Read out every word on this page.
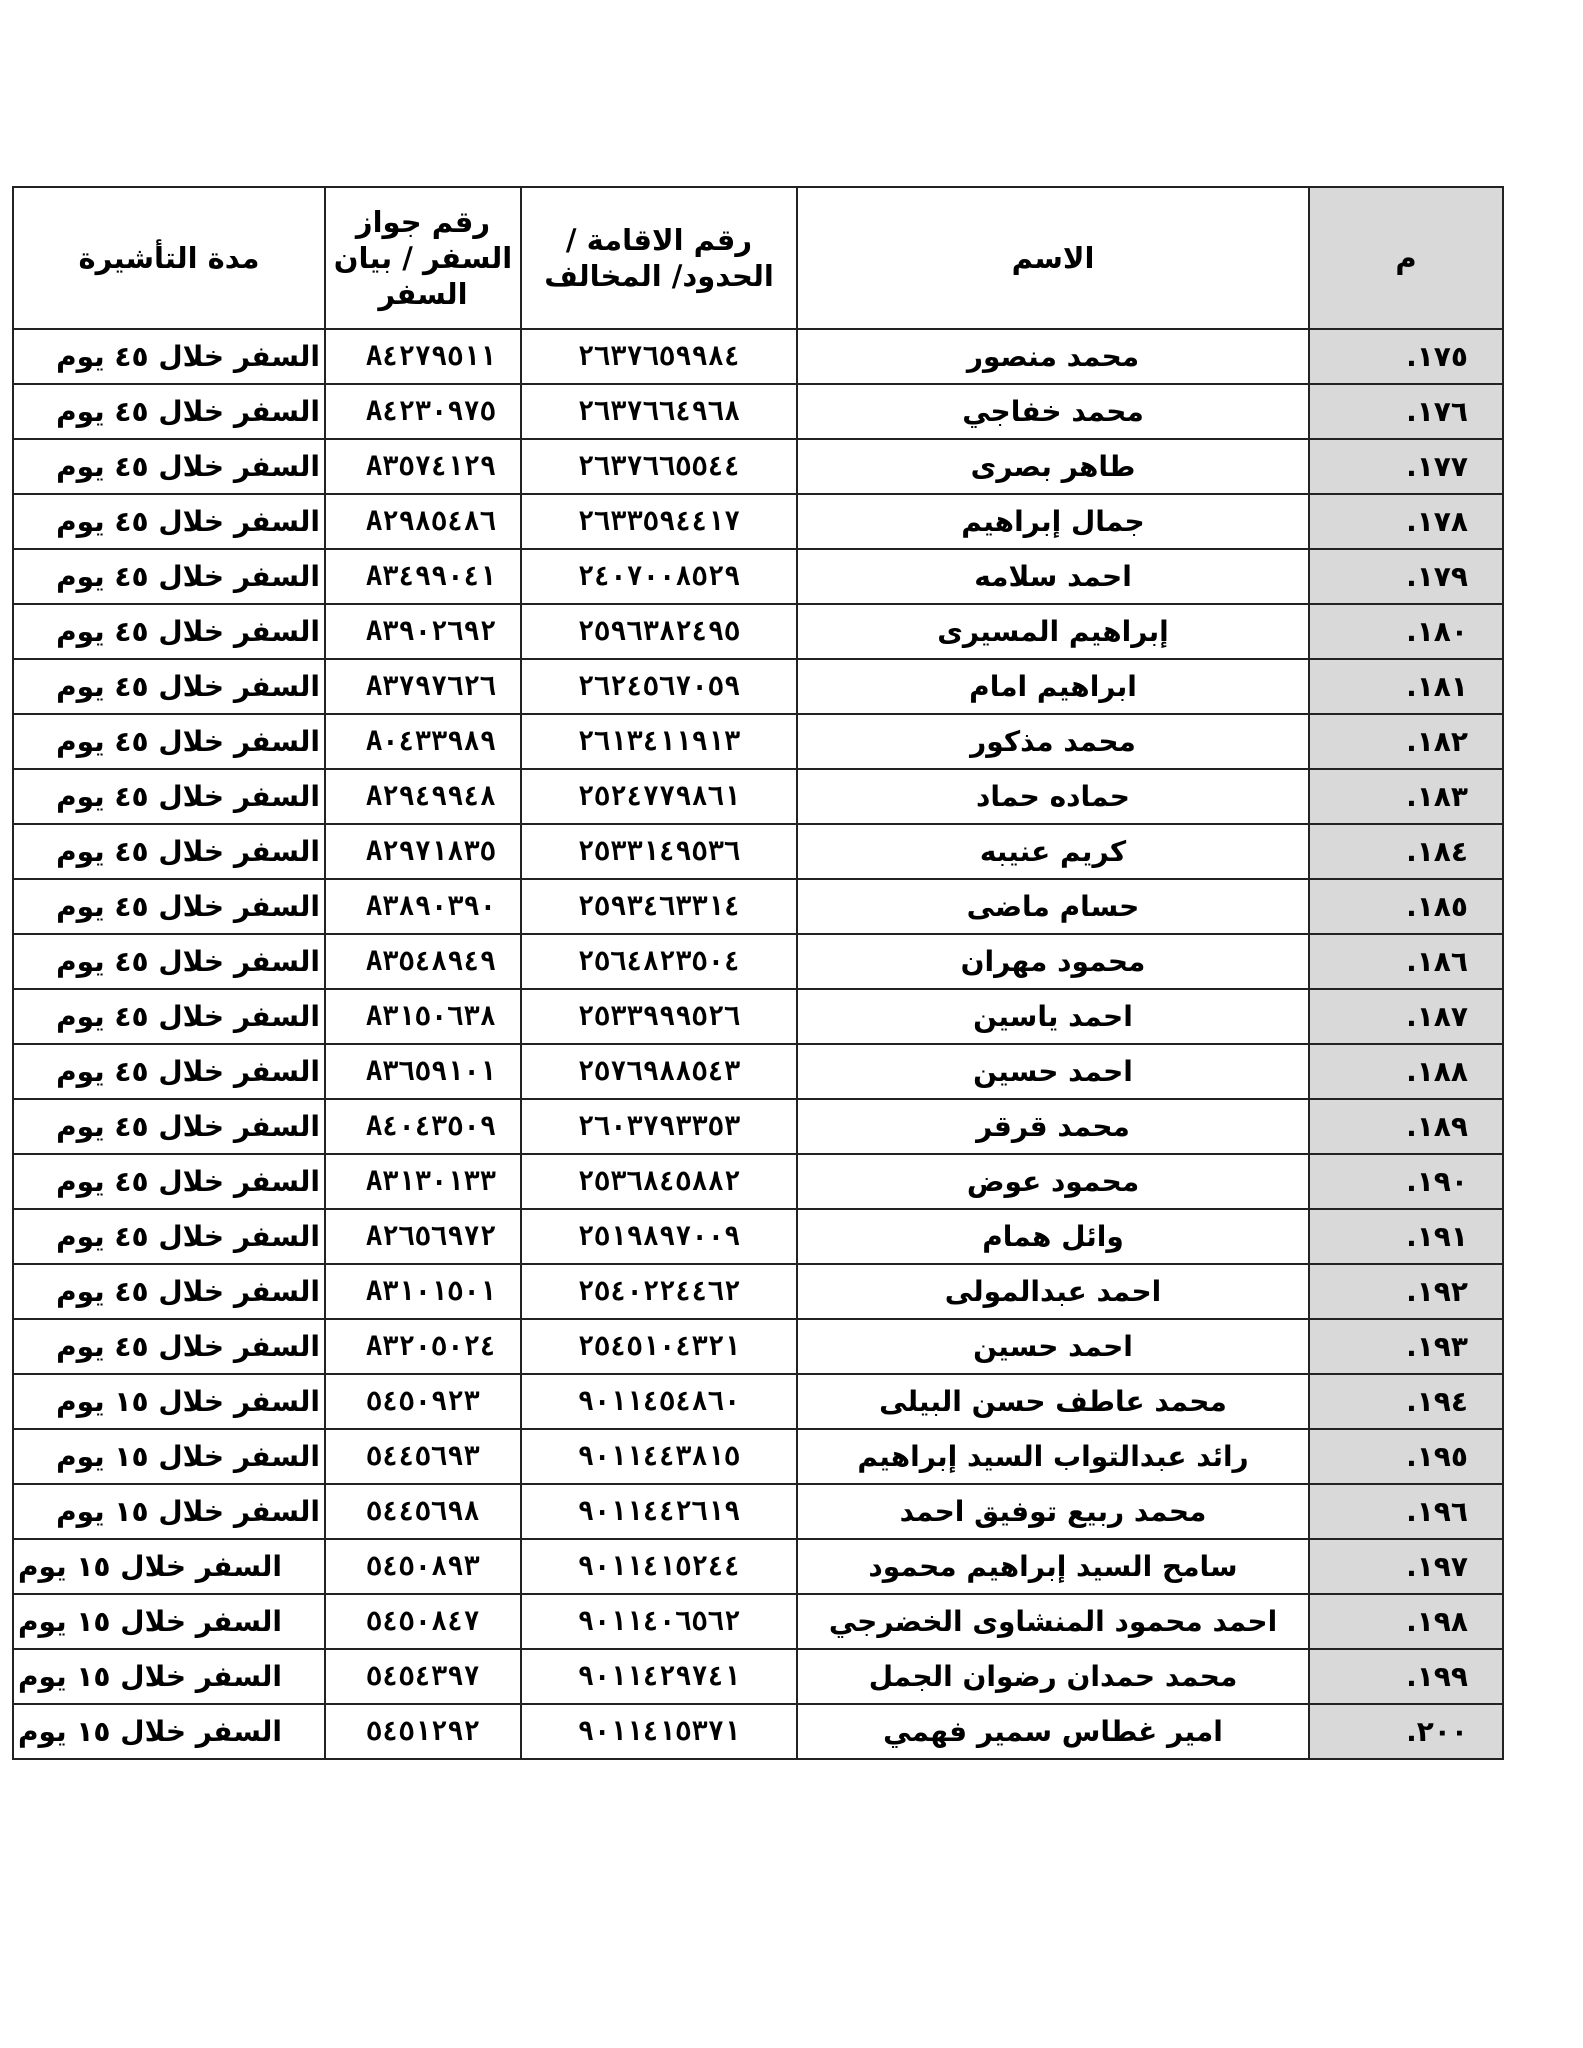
م	الاسم	رقم الاقامة / الحدود/ المخالف	رقم جواز السفر / بيان السفر	مدة التأشيرة
١٧٥.	محمد منصور	٢٦٣٧٦٥٩٩٨٤	A٤٢٧٩٥١١	السفر خلال ٤٥ يوم
١٧٦.	محمد خفاجي	٢٦٣٧٦٦٤٩٦٨	A٤٢٣٠٩٧٥	السفر خلال ٤٥ يوم
١٧٧.	طاهر بصرى	٢٦٣٧٦٦٥٥٤٤	A٣٥٧٤١٢٩	السفر خلال ٤٥ يوم
١٧٨.	جمال إبراهيم	٢٦٣٣٥٩٤٤١٧	A٢٩٨٥٤٨٦	السفر خلال ٤٥ يوم
١٧٩.	احمد سلامه	٢٤٠٧٠٠٨٥٢٩	A٣٤٩٩٠٤١	السفر خلال ٤٥ يوم
١٨٠.	إبراهيم المسيرى	٢٥٩٦٣٨٢٤٩٥	A٣٩٠٢٦٩٢	السفر خلال ٤٥ يوم
١٨١.	ابراهيم امام	٢٦٢٤٥٦٧٠٥٩	A٣٧٩٧٦٢٦	السفر خلال ٤٥ يوم
١٨٢.	محمد مذكور	٢٦١٣٤١١٩١٣	A٠٤٣٣٩٨٩	السفر خلال ٤٥ يوم
١٨٣.	حماده حماد	٢٥٢٤٧٧٩٨٦١	A٢٩٤٩٩٤٨	السفر خلال ٤٥ يوم
١٨٤.	كريم عنيبه	٢٥٣٣١٤٩٥٣٦	A٢٩٧١٨٣٥	السفر خلال ٤٥ يوم
١٨٥.	حسام ماضى	٢٥٩٣٤٦٣٣١٤	A٣٨٩٠٣٩٠	السفر خلال ٤٥ يوم
١٨٦.	محمود مهران	٢٥٦٤٨٢٣٥٠٤	A٣٥٤٨٩٤٩	السفر خلال ٤٥ يوم
١٨٧.	احمد ياسين	٢٥٣٣٩٩٩٥٢٦	A٣١٥٠٦٣٨	السفر خلال ٤٥ يوم
١٨٨.	احمد حسين	٢٥٧٦٩٨٨٥٤٣	A٣٦٥٩١٠١	السفر خلال ٤٥ يوم
١٨٩.	محمد قرقر	٢٦٠٣٧٩٣٣٥٣	A٤٠٤٣٥٠٩	السفر خلال ٤٥ يوم
١٩٠.	محمود عوض	٢٥٣٦٨٤٥٨٨٢	A٣١٣٠١٣٣	السفر خلال ٤٥ يوم
١٩١.	وائل همام	٢٥١٩٨٩٧٠٠٩	A٢٦٥٦٩٧٢	السفر خلال ٤٥ يوم
١٩٢.	احمد عبدالمولى	٢٥٤٠٢٢٤٤٦٢	A٣١٠١٥٠١	السفر خلال ٤٥ يوم
١٩٣.	احمد حسين	٢٥٤٥١٠٤٣٢١	A٣٢٠٥٠٢٤	السفر خلال ٤٥ يوم
١٩٤.	محمد عاطف حسن البيلى	٩٠١١٤٥٤٨٦٠	٥٤٥٠٩٢٣	السفر خلال ١٥ يوم
١٩٥.	رائد عبدالتواب السيد إبراهيم	٩٠١١٤٤٣٨١٥	٥٤٤٥٦٩٣	السفر خلال ١٥ يوم
١٩٦.	محمد ربيع توفيق احمد	٩٠١١٤٤٢٦١٩	٥٤٤٥٦٩٨	السفر خلال ١٥ يوم
١٩٧.	سامح السيد إبراهيم محمود	٩٠١١٤١٥٢٤٤	٥٤٥٠٨٩٣	السفر خلال ١٥ يوم
١٩٨.	احمد محمود المنشاوى الخضرجي	٩٠١١٤٠٦٥٦٢	٥٤٥٠٨٤٧	السفر خلال ١٥ يوم
١٩٩.	محمد حمدان رضوان الجمل	٩٠١١٤٢٩٧٤١	٥٤٥٤٣٩٧	السفر خلال ١٥ يوم
٢٠٠.	امير غطاس سمير فهمي	٩٠١١٤١٥٣٧١	٥٤٥١٢٩٢	السفر خلال ١٥ يوم
